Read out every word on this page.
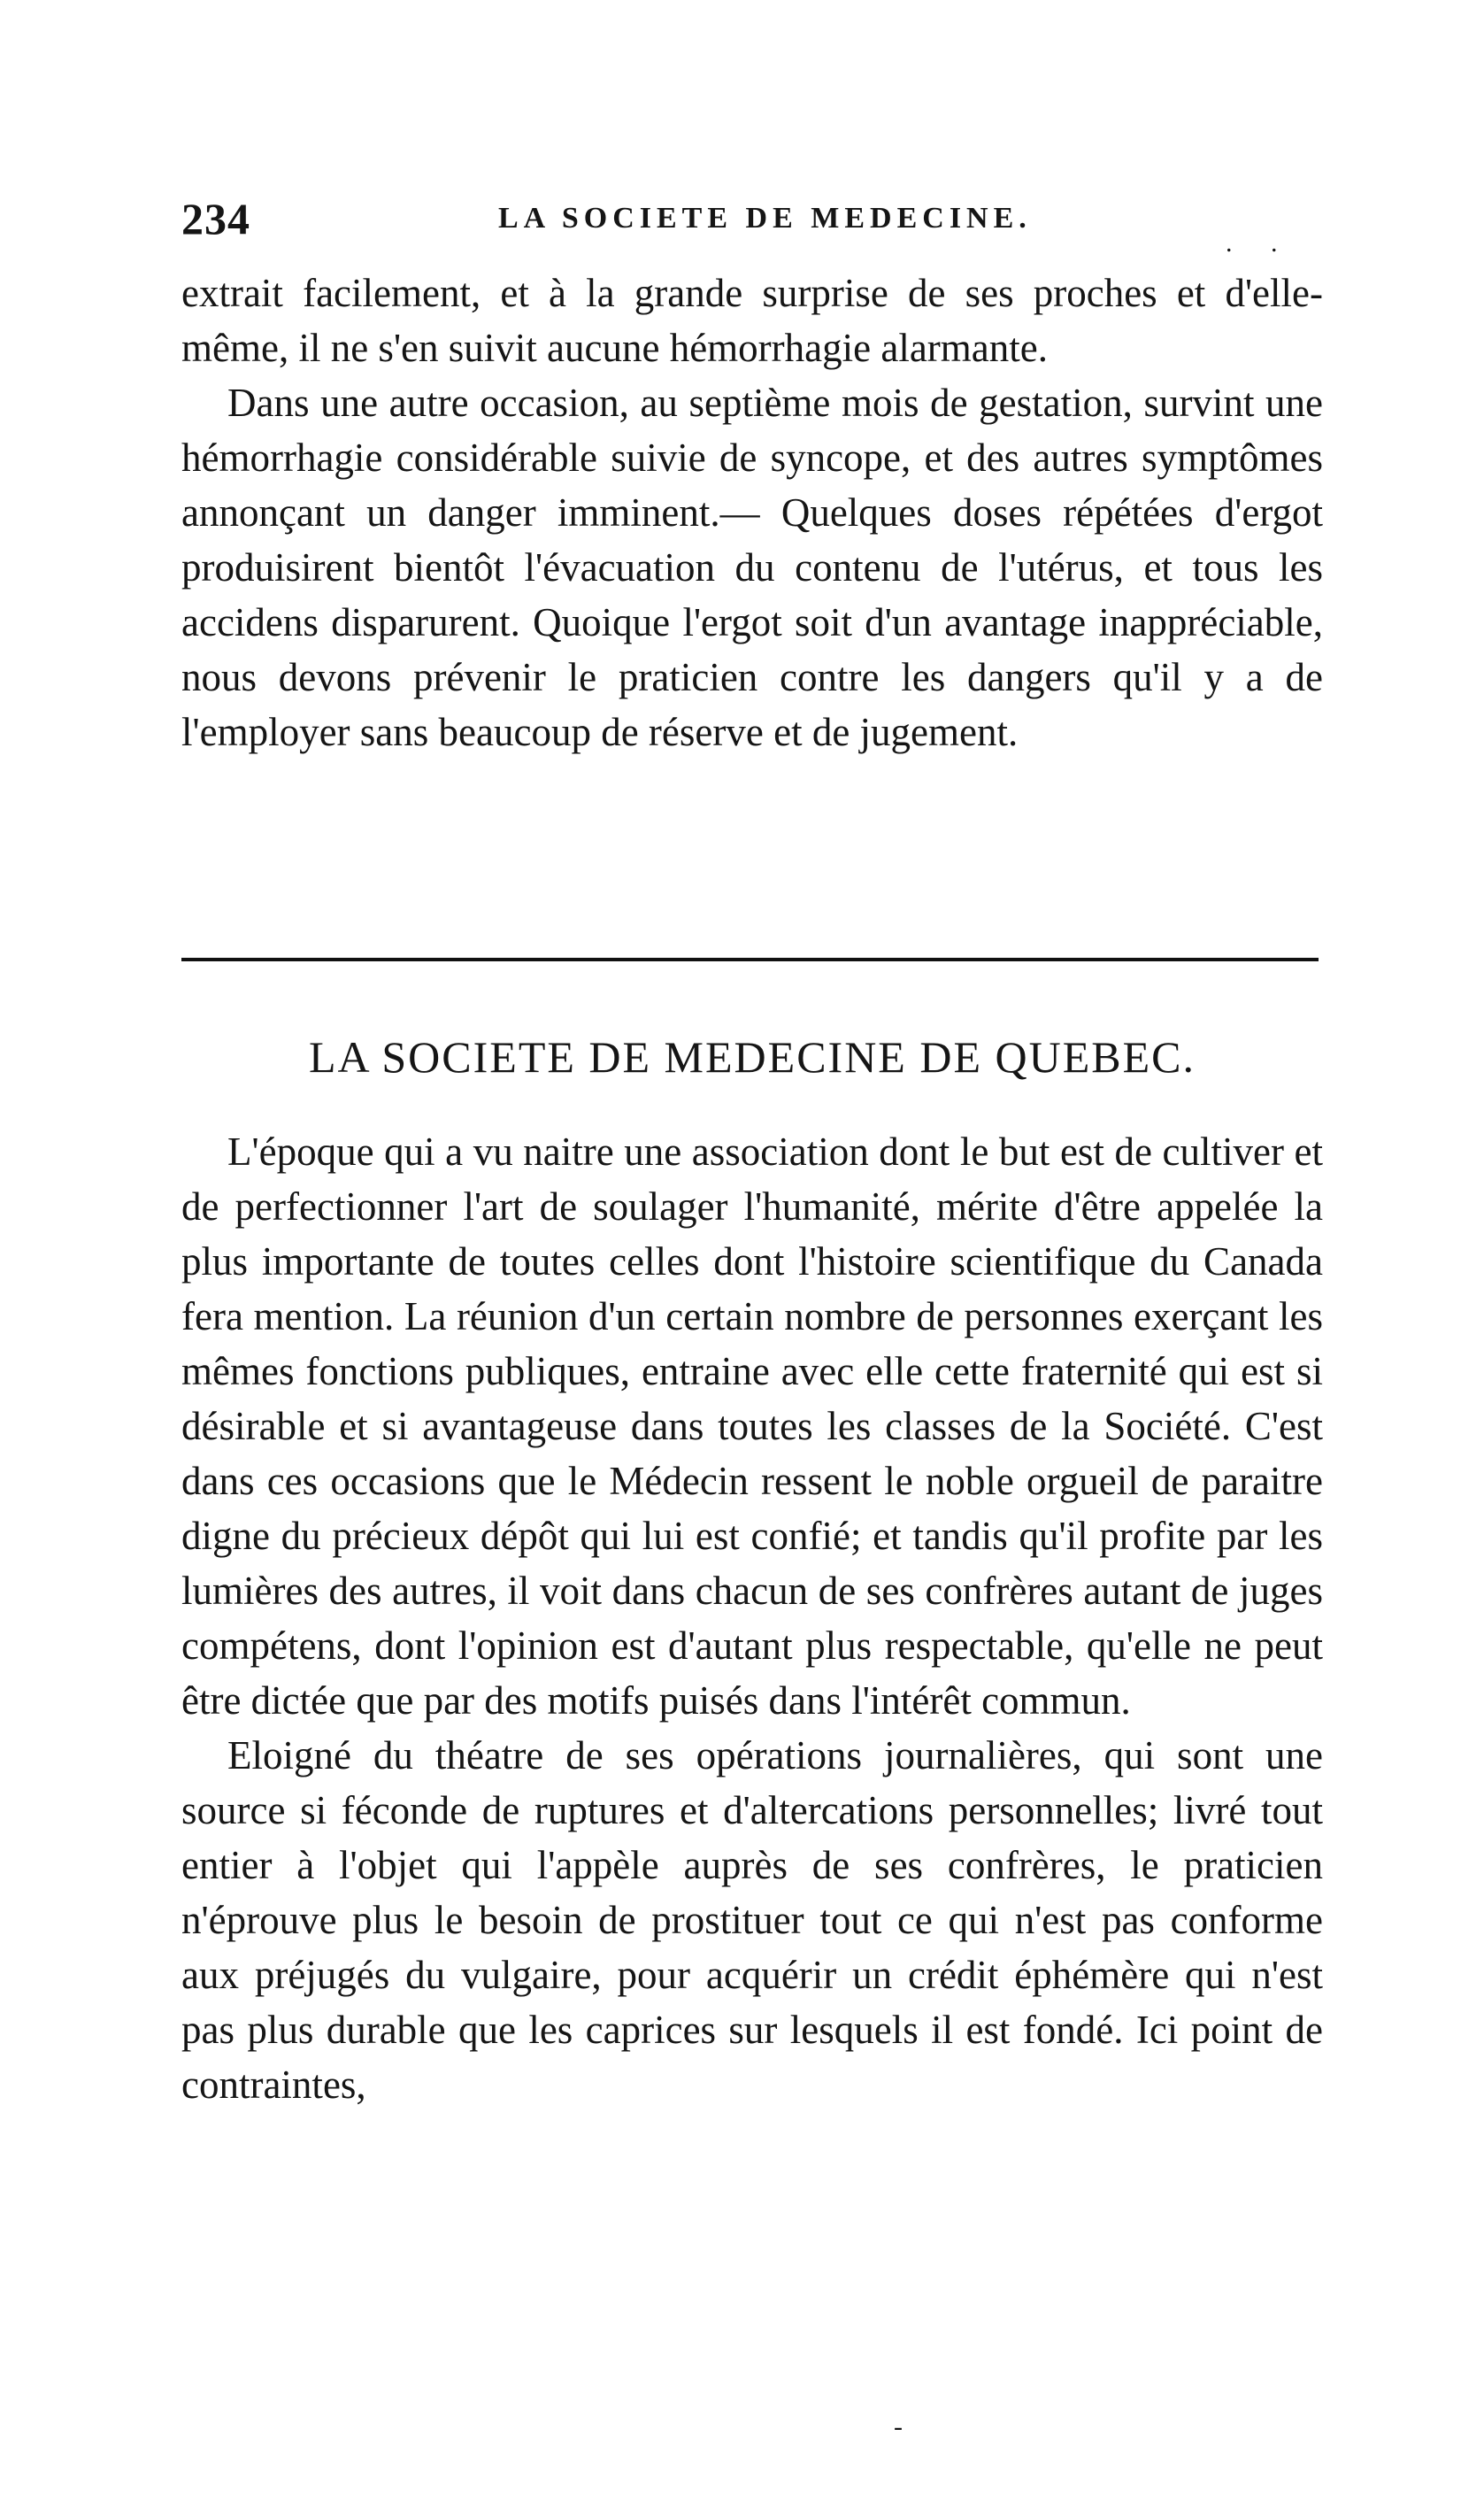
234	LA SOCIETE DE MEDECINE.
. .

extrait facilement, et à la grande surprise de ses proches et d'elle-même, il ne s'en suivit aucune hémorrhagie alarmante.

Dans une autre occasion, au septième mois de gestation, survint une hémorrhagie considérable suivie de syncope, et des autres symptômes annonçant un danger imminent.— Quelques doses répétées d'ergot produisirent bientôt l'évacuation du contenu de l'utérus, et tous les accidens disparurent. Quoique l'ergot soit d'un avantage inappréciable, nous devons prévenir le praticien contre les dangers qu'il y a de l'employer sans beaucoup de réserve et de jugement.

LA SOCIETE DE MEDECINE DE QUEBEC.

L'époque qui a vu naitre une association dont le but est de cultiver et de perfectionner l'art de soulager l'humanité, mérite d'être appelée la plus importante de toutes celles dont l'histoire scientifique du Canada fera mention. La réunion d'un certain nombre de personnes exerçant les mêmes fonctions publiques, entraine avec elle cette fraternité qui est si désirable et si avantageuse dans toutes les classes de la Société. C'est dans ces occasions que le Médecin ressent le noble orgueil de paraitre digne du précieux dépôt qui lui est confié; et tandis qu'il profite par les lumières des autres, il voit dans chacun de ses confrères autant de juges compétens, dont l'opinion est d'autant plus respectable, qu'elle ne peut être dictée que par des motifs puisés dans l'intérêt commun.

Eloigné du théatre de ses opérations journalières, qui sont une source si féconde de ruptures et d'altercations personnelles; livré tout entier à l'objet qui l'appèle auprès de ses confrères, le praticien n'éprouve plus le besoin de prostituer tout ce qui n'est pas conforme aux préjugés du vulgaire, pour acquérir un crédit éphémère qui n'est pas plus durable que les caprices sur lesquels il est fondé. Ici point de contraintes,

-
